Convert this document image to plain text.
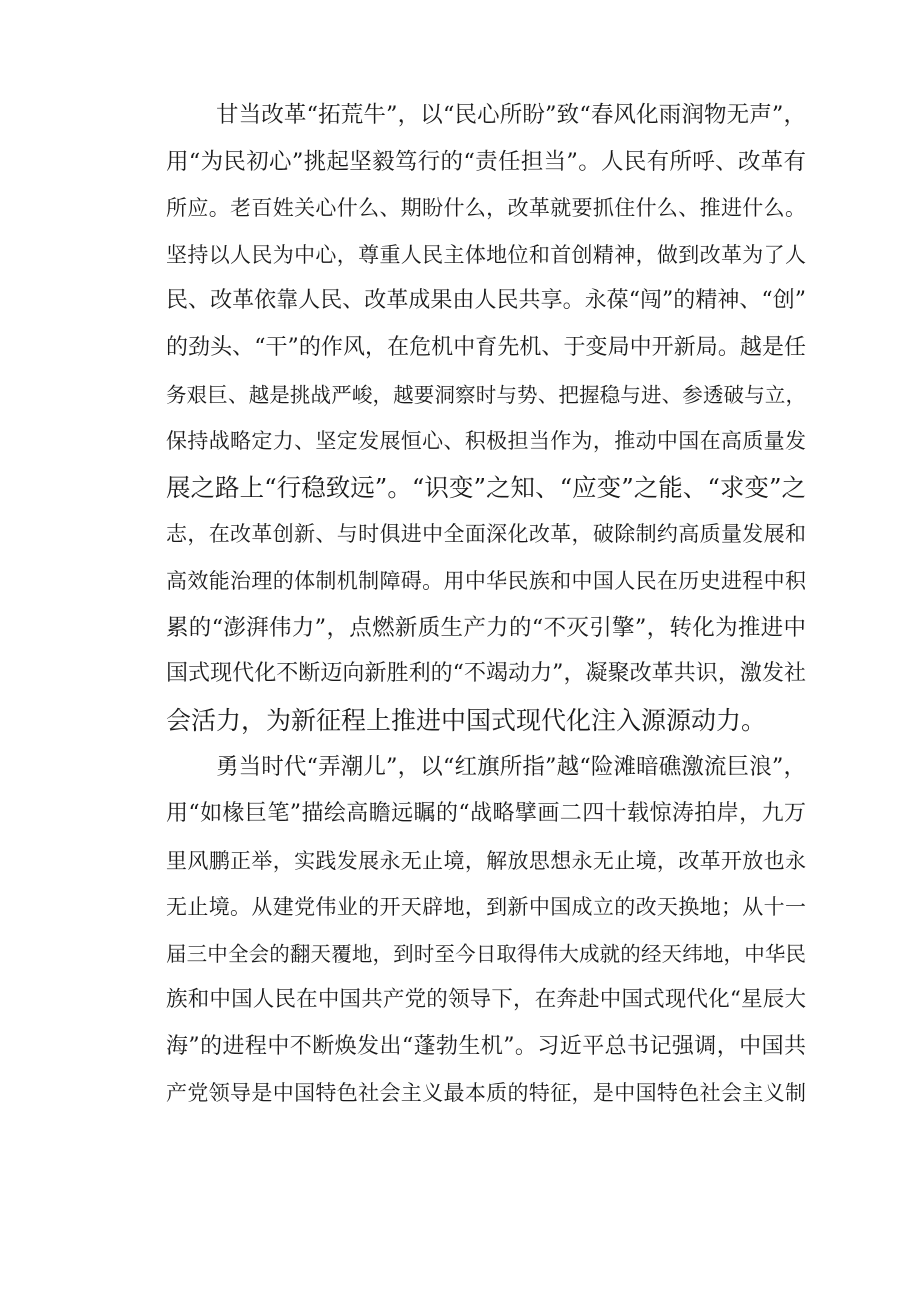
甘当改革“拓荒牛”，以“民心所盼”致“春风化雨润物无声”，
用“为民初心”挑起坚毅笃行的“责任担当”。人民有所呼、改革有
所应。老百姓关心什么、期盼什么，改革就要抓住什么、推进什么。
坚持以人民为中心，尊重人民主体地位和首创精神，做到改革为了人
民、改革依靠人民、改革成果由人民共享。永葆“闯”的精神、“创”
的劲头、“干”的作风，在危机中育先机、于变局中开新局。越是任
务艰巨、越是挑战严峻，越要洞察时与势、把握稳与进、参透破与立，
保持战略定力、坚定发展恒心、积极担当作为，推动中国在高质量发
展之路上“行稳致远”。“识变”之知、“应变”之能、“求变”之
志，在改革创新、与时俱进中全面深化改革，破除制约高质量发展和
高效能治理的体制机制障碍。用中华民族和中国人民在历史进程中积
累的“澎湃伟力”，点燃新质生产力的“不灭引擎”，转化为推进中
国式现代化不断迈向新胜利的“不竭动力”，凝聚改革共识，激发社
会活力，为新征程上推进中国式现代化注入源源动力。
勇当时代“弄潮儿”，以“红旗所指”越“险滩暗礁激流巨浪”，
用“如椽巨笔”描绘高瞻远瞩的“战略擘画二四十载惊涛拍岸，九万
里风鹏正举，实践发展永无止境，解放思想永无止境，改革开放也永
无止境。从建党伟业的开天辟地，到新中国成立的改天换地；从十一
届三中全会的翻天覆地，到时至今日取得伟大成就的经天纬地，中华民
族和中国人民在中国共产党的领导下，在奔赴中国式现代化“星辰大
海”的进程中不断焕发出“蓬勃生机”。习近平总书记强调，中国共
产党领导是中国特色社会主义最本质的特征，是中国特色社会主义制
